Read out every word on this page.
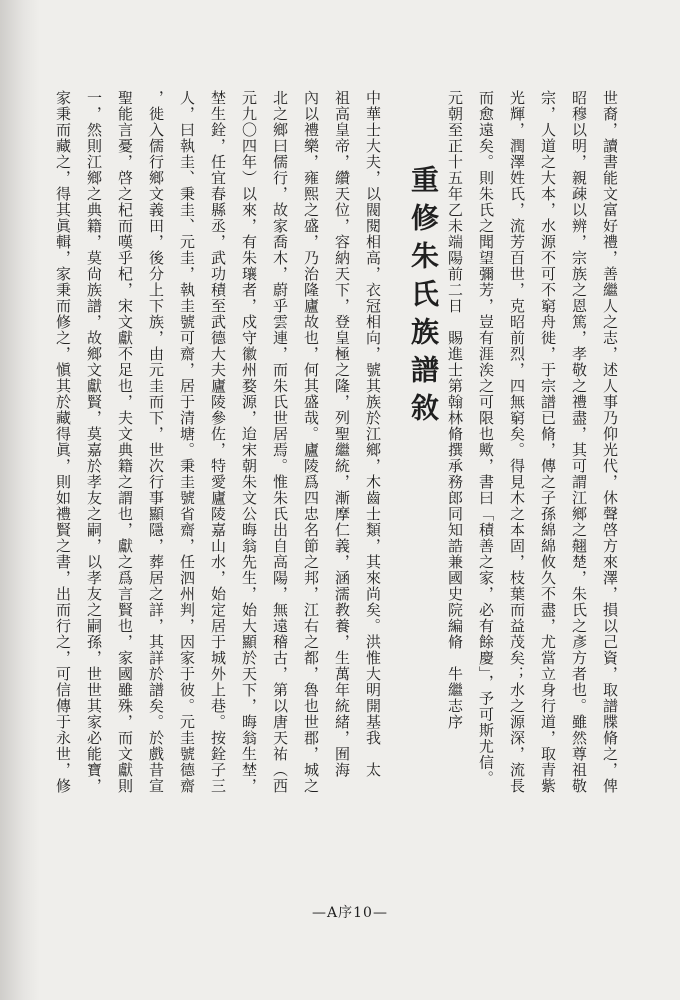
世裔，讀書能文富好禮，善繼人之志，述人事乃仰光代，休聲啓方來澤，損以己資，取譜牒脩之，俾
昭穆以明，親疎以辨，宗族之恩篤，孝敬之禮盡，其可謂江鄉之翹楚，朱氏之彥方者也。雖然尊祖敬
宗，人道之大本，水源不可不窮舟徙，于宗譜已脩，傳之子孫綿綿攸久不盡，尤當立身行道，取青紫
光輝，潤澤姓氏，流芳百世，克昭前烈，四無窮矣。得見木之本固，枝葉而益茂矣；水之源深，流長
而愈遠矣。則朱氏之聞望彌芳，豈有涯涘之可限也歟，書曰「積善之家，必有餘慶」，予可斯尤信。
元朝至正十五年乙未端陽前二日　賜進士第翰林脩撰承務郎同知誥兼國史院編脩　牛繼志序
重修朱氏族譜敘
中華士大夫，以閥閱相高，衣冠相向，號其族於江鄉，木齒士類，其來尚矣。洪惟大明開基我　太
祖高皇帝，纘天位，容納天下，登皇極之隆，列聖繼統，漸摩仁義，涵濡教養，生萬年統緒，囿海
內以禮樂，雍熙之盛，乃治隆廬故也，何其盛哉。廬陵爲四忠名節之邦，江右之都，魯也世郡，城之
北之鄉曰儒行，故家喬木，蔚乎雲連，而朱氏世居焉。惟朱氏出自高陽，無遠稽古，第以唐天祐（西
元九〇四年）以來，有朱瓖者，戍守徽州婺源，迨宋朝朱文公晦翁先生，始大顯於天下，晦翁生埜，
埜生銓，任宜春縣丞，武功積至武德大夫廬陵參佐，特愛廬陵嘉山水，始定居于城外上巷。按銓子三
人，曰執圭、秉圭、元圭，執圭號可齋，居于清塘。秉圭號省齋，任泗州判，因家于彼。元圭號德齋
，徙入儒行鄉文義田，後分上下族，由元圭而下，世次行事顯隱，葬居之詳，其詳於譜矣。於戲昔宣
聖能言憂，啓之杞而嘆乎杞，宋文獻不足也，夫文典籍之謂也，獻之爲言賢也，家國雖殊，而文獻則
一，然則江鄉之典籍，莫尙族譜，故鄉文獻賢，莫嘉於孝友之嗣，以孝友之嗣孫，世世其家必能寶，
家秉而藏之，得其眞輯，家秉而修之，愼其於藏得眞，則如禮賢之書，出而行之，可信傳于永世，修
—A序10—
